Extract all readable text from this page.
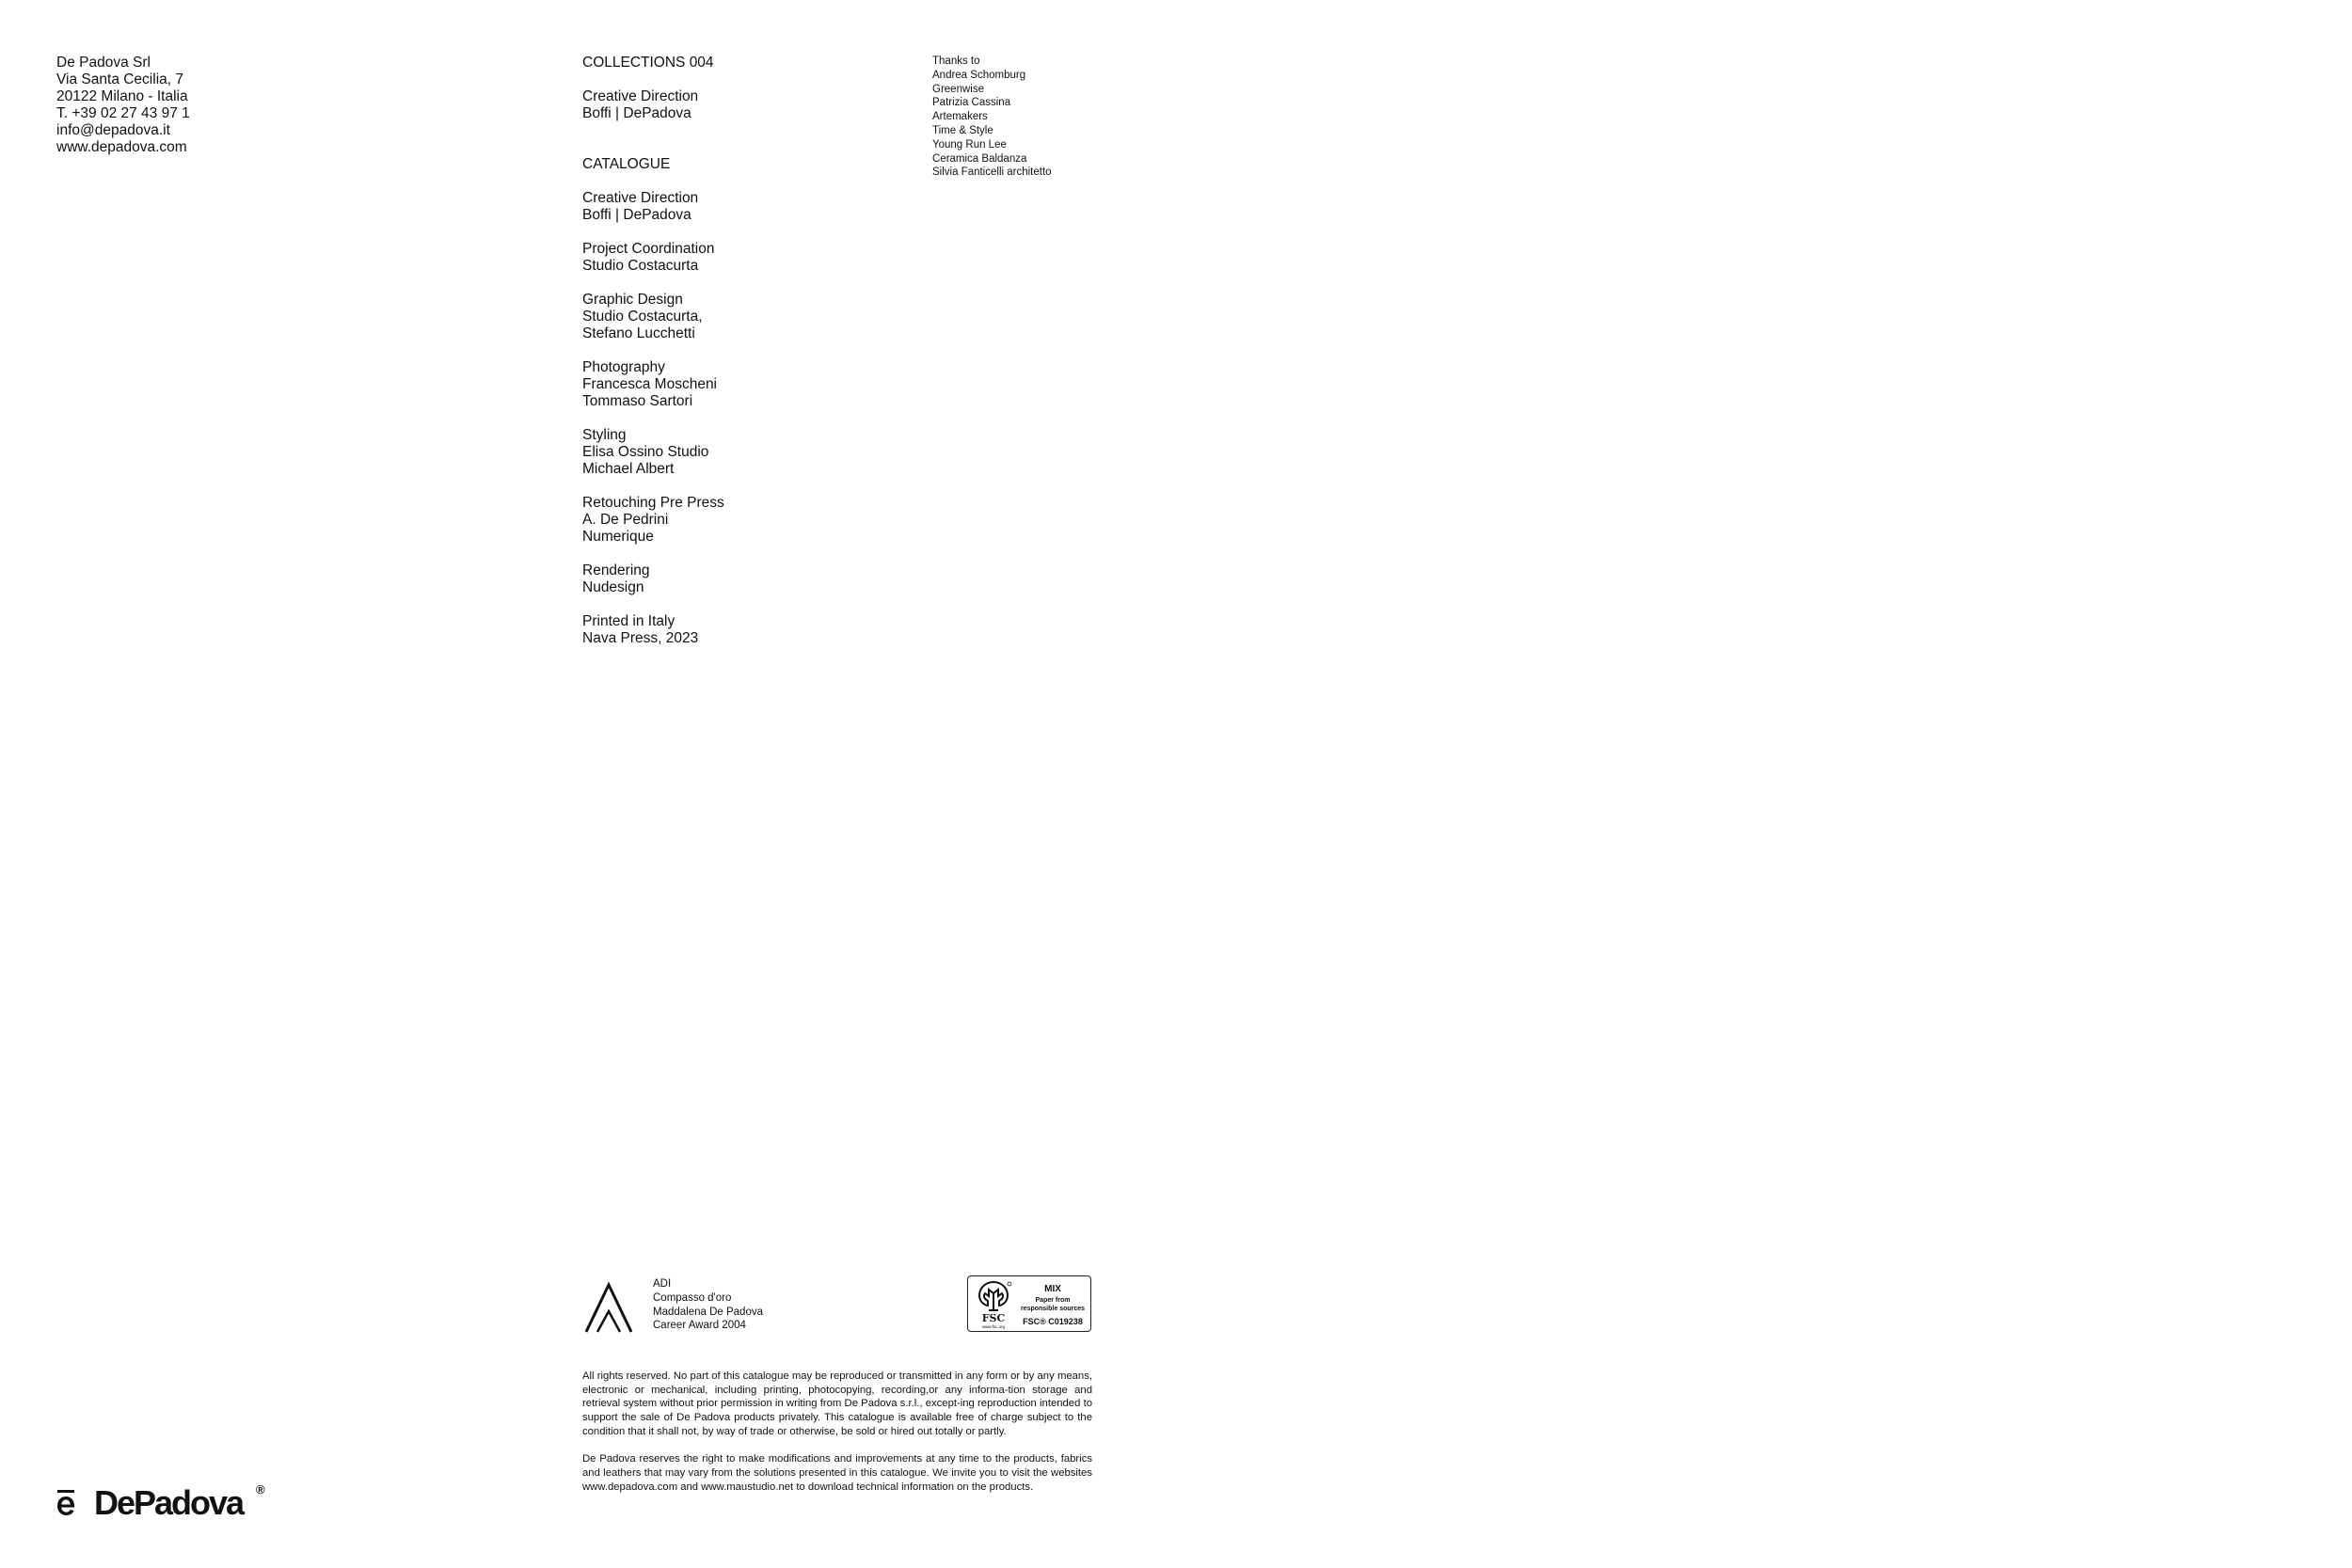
De Padova Srl
Via Santa Cecilia, 7
20122 Milano - Italia
T. +39 02 27 43 97 1
info@depadova.it
www.depadova.com
COLLECTIONS 004
Creative Direction
Boffi | DePadova
CATALOGUE
Creative Direction
Boffi | DePadova
Project Coordination
Studio Costacurta
Graphic Design
Studio Costacurta,
Stefano Lucchetti
Photography
Francesca Moscheni
Tommaso Sartori
Styling
Elisa Ossino Studio
Michael Albert
Retouching Pre Press
A. De Pedrini
Numerique
Rendering
Nudesign
Printed in Italy
Nava Press, 2023
Thanks to
Andrea Schomburg
Greenwise
Patrizia Cassina
Artemakers
Time & Style
Young Run Lee
Ceramica Baldanza
Silvia Fanticelli architetto
ADI
Compasso d'oro
Maddalena De Padova
Career Award 2004
FSC
www.fsc.org
MIX
Paper from
responsible sources
FSC® C019238

All rights reserved. No part of this catalogue may be reproduced or transmitted in any form or by any means, electronic or mechanical, including printing, photocopying, recording,or any informa-tion storage and retrieval system without prior permission in writing from De Padova s.r.l., except-ing reproduction intended to support the sale of De Padova products privately. This catalogue is available free of charge subject to the condition that it shall not, by way of trade or otherwise, be sold or hired out totally or partly.

De Padova reserves the right to make modifications and improvements at any time to the products, fabrics and leathers that may vary from the solutions presented in this catalogue. We invite you to visit the websites www.depadova.com and www.maustudio.net to download technical information on the products.

DePadova ®
